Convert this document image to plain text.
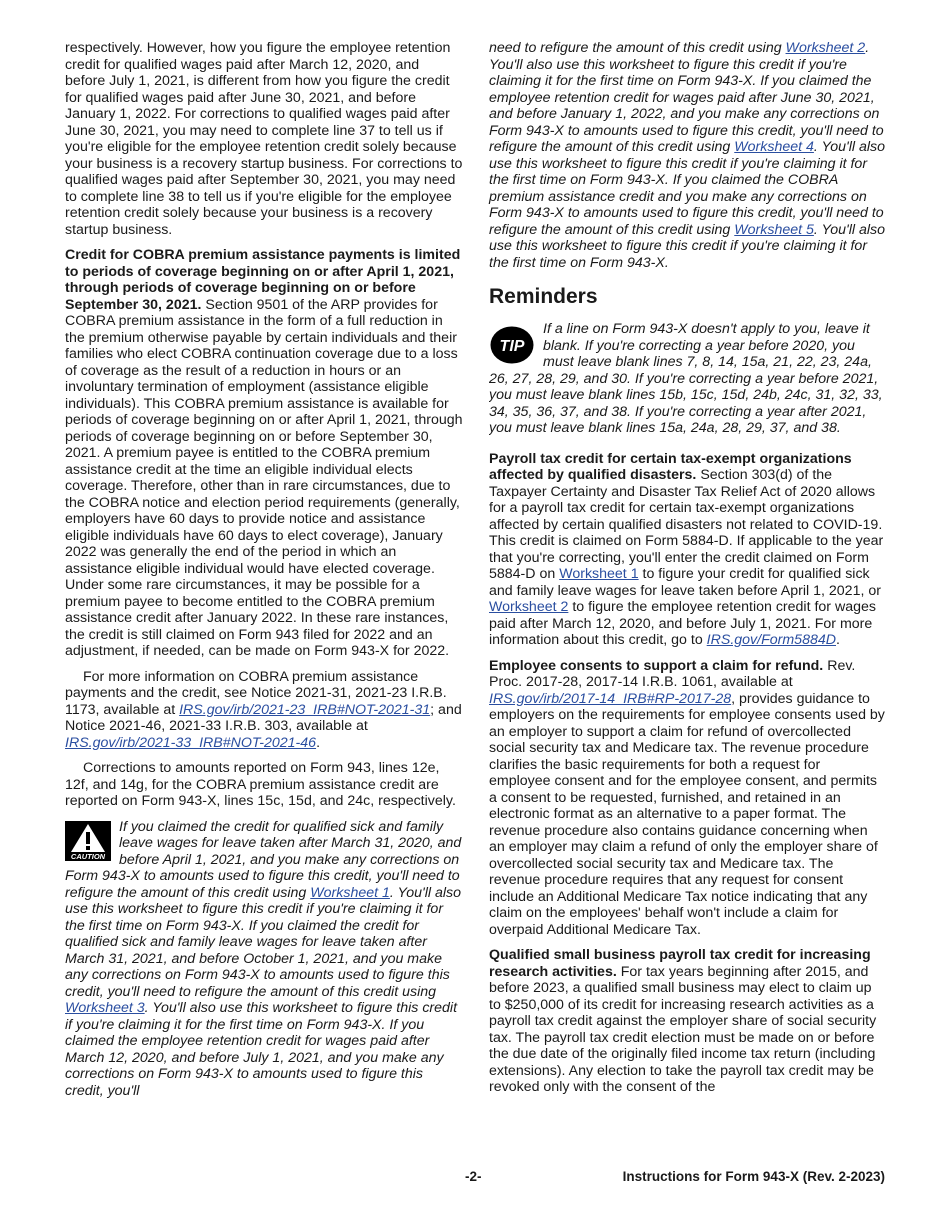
respectively. However, how you figure the employee retention credit for qualified wages paid after March 12, 2020, and before July 1, 2021, is different from how you figure the credit for qualified wages paid after June 30, 2021, and before January 1, 2022. For corrections to qualified wages paid after June 30, 2021, you may need to complete line 37 to tell us if you're eligible for the employee retention credit solely because your business is a recovery startup business. For corrections to qualified wages paid after September 30, 2021, you may need to complete line 38 to tell us if you're eligible for the employee retention credit solely because your business is a recovery startup business.

Credit for COBRA premium assistance payments is limited to periods of coverage beginning on or after April 1, 2021, through periods of coverage beginning on or before September 30, 2021. Section 9501 of the ARP provides for COBRA premium assistance in the form of a full reduction in the premium otherwise payable by certain individuals and their families who elect COBRA continuation coverage due to a loss of coverage as the result of a reduction in hours or an involuntary termination of employment (assistance eligible individuals). This COBRA premium assistance is available for periods of coverage beginning on or after April 1, 2021, through periods of coverage beginning on or before September 30, 2021. A premium payee is entitled to the COBRA premium assistance credit at the time an eligible individual elects coverage. Therefore, other than in rare circumstances, due to the COBRA notice and election period requirements (generally, employers have 60 days to provide notice and assistance eligible individuals have 60 days to elect coverage), January 2022 was generally the end of the period in which an assistance eligible individual would have elected coverage. Under some rare circumstances, it may be possible for a premium payee to become entitled to the COBRA premium assistance credit after January 2022. In these rare instances, the credit is still claimed on Form 943 filed for 2022 and an adjustment, if needed, can be made on Form 943-X for 2022.

For more information on COBRA premium assistance payments and the credit, see Notice 2021-31, 2021-23 I.R.B. 1173, available at IRS.gov/irb/2021-23_IRB#NOT-2021-31; and Notice 2021-46, 2021-33 I.R.B. 303, available at IRS.gov/irb/2021-33_IRB#NOT-2021-46.

Corrections to amounts reported on Form 943, lines 12e, 12f, and 14g, for the COBRA premium assistance credit are reported on Form 943-X, lines 15c, 15d, and 24c, respectively.

CAUTION
If you claimed the credit for qualified sick and family leave wages for leave taken after March 31, 2020, and before April 1, 2021, and you make any corrections on Form 943-X to amounts used to figure this credit, you'll need to refigure the amount of this credit using Worksheet 1. You'll also use this worksheet to figure this credit if you're claiming it for the first time on Form 943-X. If you claimed the credit for qualified sick and family leave wages for leave taken after March 31, 2021, and before October 1, 2021, and you make any corrections on Form 943-X to amounts used to figure this credit, you'll need to refigure the amount of this credit using Worksheet 3. You'll also use this worksheet to figure this credit if you're claiming it for the first time on Form 943-X. If you claimed the employee retention credit for wages paid after March 12, 2020, and before July 1, 2021, and you make any corrections on Form 943-X to amounts used to figure this credit, you'll

need to refigure the amount of this credit using Worksheet 2. You'll also use this worksheet to figure this credit if you're claiming it for the first time on Form 943-X. If you claimed the employee retention credit for wages paid after June 30, 2021, and before January 1, 2022, and you make any corrections on Form 943-X to amounts used to figure this credit, you'll need to refigure the amount of this credit using Worksheet 4. You'll also use this worksheet to figure this credit if you're claiming it for the first time on Form 943-X. If you claimed the COBRA premium assistance credit and you make any corrections on Form 943-X to amounts used to figure this credit, you'll need to refigure the amount of this credit using Worksheet 5. You'll also use this worksheet to figure this credit if you're claiming it for the first time on Form 943-X.

Reminders
TIP
If a line on Form 943-X doesn't apply to you, leave it blank. If you're correcting a year before 2020, you must leave blank lines 7, 8, 14, 15a, 21, 22, 23, 24a, 26, 27, 28, 29, and 30. If you're correcting a year before 2021, you must leave blank lines 15b, 15c, 15d, 24b, 24c, 31, 32, 33, 34, 35, 36, 37, and 38. If you're correcting a year after 2021, you must leave blank lines 15a, 24a, 28, 29, 37, and 38.

Payroll tax credit for certain tax-exempt organizations affected by qualified disasters. Section 303(d) of the Taxpayer Certainty and Disaster Tax Relief Act of 2020 allows for a payroll tax credit for certain tax-exempt organizations affected by certain qualified disasters not related to COVID-19. This credit is claimed on Form 5884-D. If applicable to the year that you're correcting, you'll enter the credit claimed on Form 5884-D on Worksheet 1 to figure your credit for qualified sick and family leave wages for leave taken before April 1, 2021, or Worksheet 2 to figure the employee retention credit for wages paid after March 12, 2020, and before July 1, 2021. For more information about this credit, go to IRS.gov/Form5884D.

Employee consents to support a claim for refund. Rev. Proc. 2017-28, 2017-14 I.R.B. 1061, available at IRS.gov/irb/2017-14_IRB#RP-2017-28, provides guidance to employers on the requirements for employee consents used by an employer to support a claim for refund of overcollected social security tax and Medicare tax. The revenue procedure clarifies the basic requirements for both a request for employee consent and for the employee consent, and permits a consent to be requested, furnished, and retained in an electronic format as an alternative to a paper format. The revenue procedure also contains guidance concerning when an employer may claim a refund of only the employer share of overcollected social security tax and Medicare tax. The revenue procedure requires that any request for consent include an Additional Medicare Tax notice indicating that any claim on the employees' behalf won't include a claim for overpaid Additional Medicare Tax.

Qualified small business payroll tax credit for increasing research activities. For tax years beginning after 2015, and before 2023, a qualified small business may elect to claim up to $250,000 of its credit for increasing research activities as a payroll tax credit against the employer share of social security tax. The payroll tax credit election must be made on or before the due date of the originally filed income tax return (including extensions). Any election to take the payroll tax credit may be revoked only with the consent of the

-2-	Instructions for Form 943-X (Rev. 2-2023)
